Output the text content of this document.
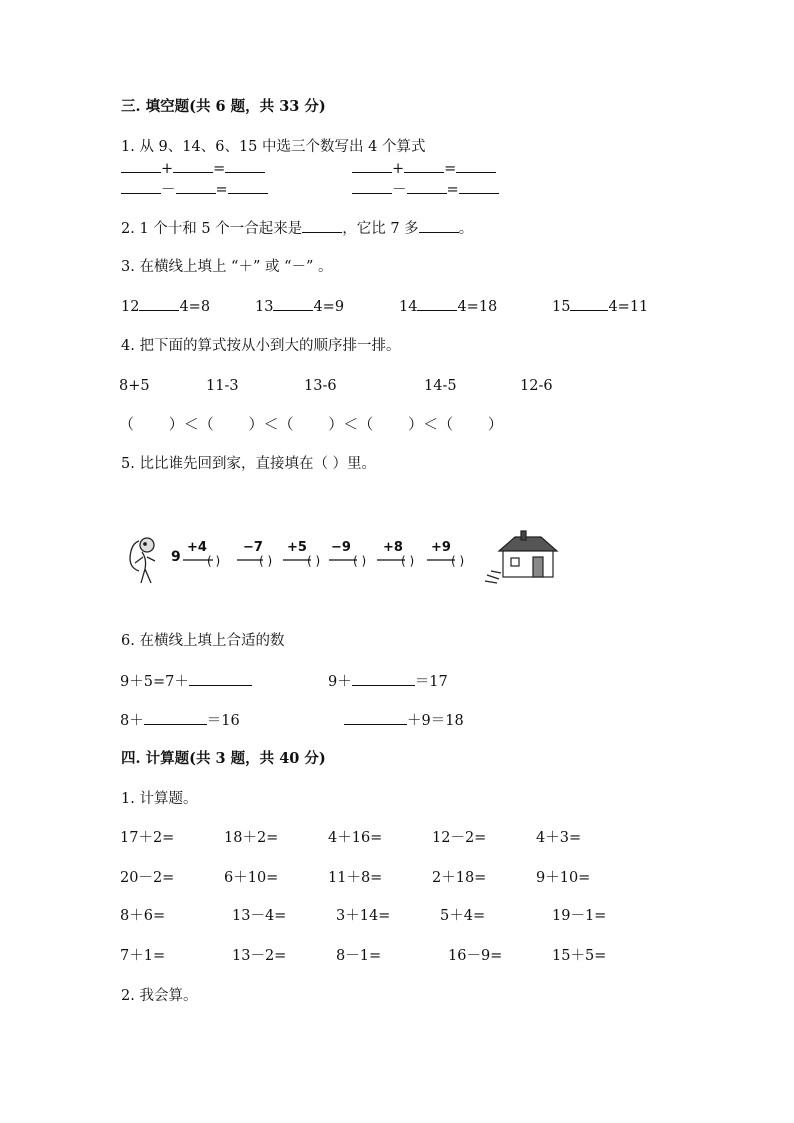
三. 填空题(共 6 题，共 33 分)
1. 从 9、14、6、15 中选三个数写出 4 个算式
+	=	+	=
－	=	－	=
2. 1 个十和 5 个一合起来是	，它比 7 多	。
3. 在横线上填上 “＋” 或 “－” 。
12	4=8	13	4=9	14	4=18	15	4=11
4. 把下面的算式按从小到大的顺序排一排。
8+5	11-3	13-6	14-5	12-6
（　　 ）＜（　　 ）＜（　　 ）＜（　　 ）＜（　　 ）
5. 比比谁先回到家，直接填在（ ）里。
9
+4
( )
−7
( )
+5
( )
−9
( )
+8
( )
+9
( )
6. 在横线上填上合适的数
9＋5=7＋	9＋	＝17
8＋	＝16	＋9＝18
四. 计算题(共 3 题，共 40 分)
1. 计算题。
17＋2=	18＋2=	4＋16=	12－2=	4＋3=
20－2=	6＋10=	11＋8=	2＋18=	9＋10=
8＋6=	13－4=	3＋14=	5＋4=	19－1=
7＋1=	13－2=	8－1=	16－9=	15＋5=
2. 我会算。
